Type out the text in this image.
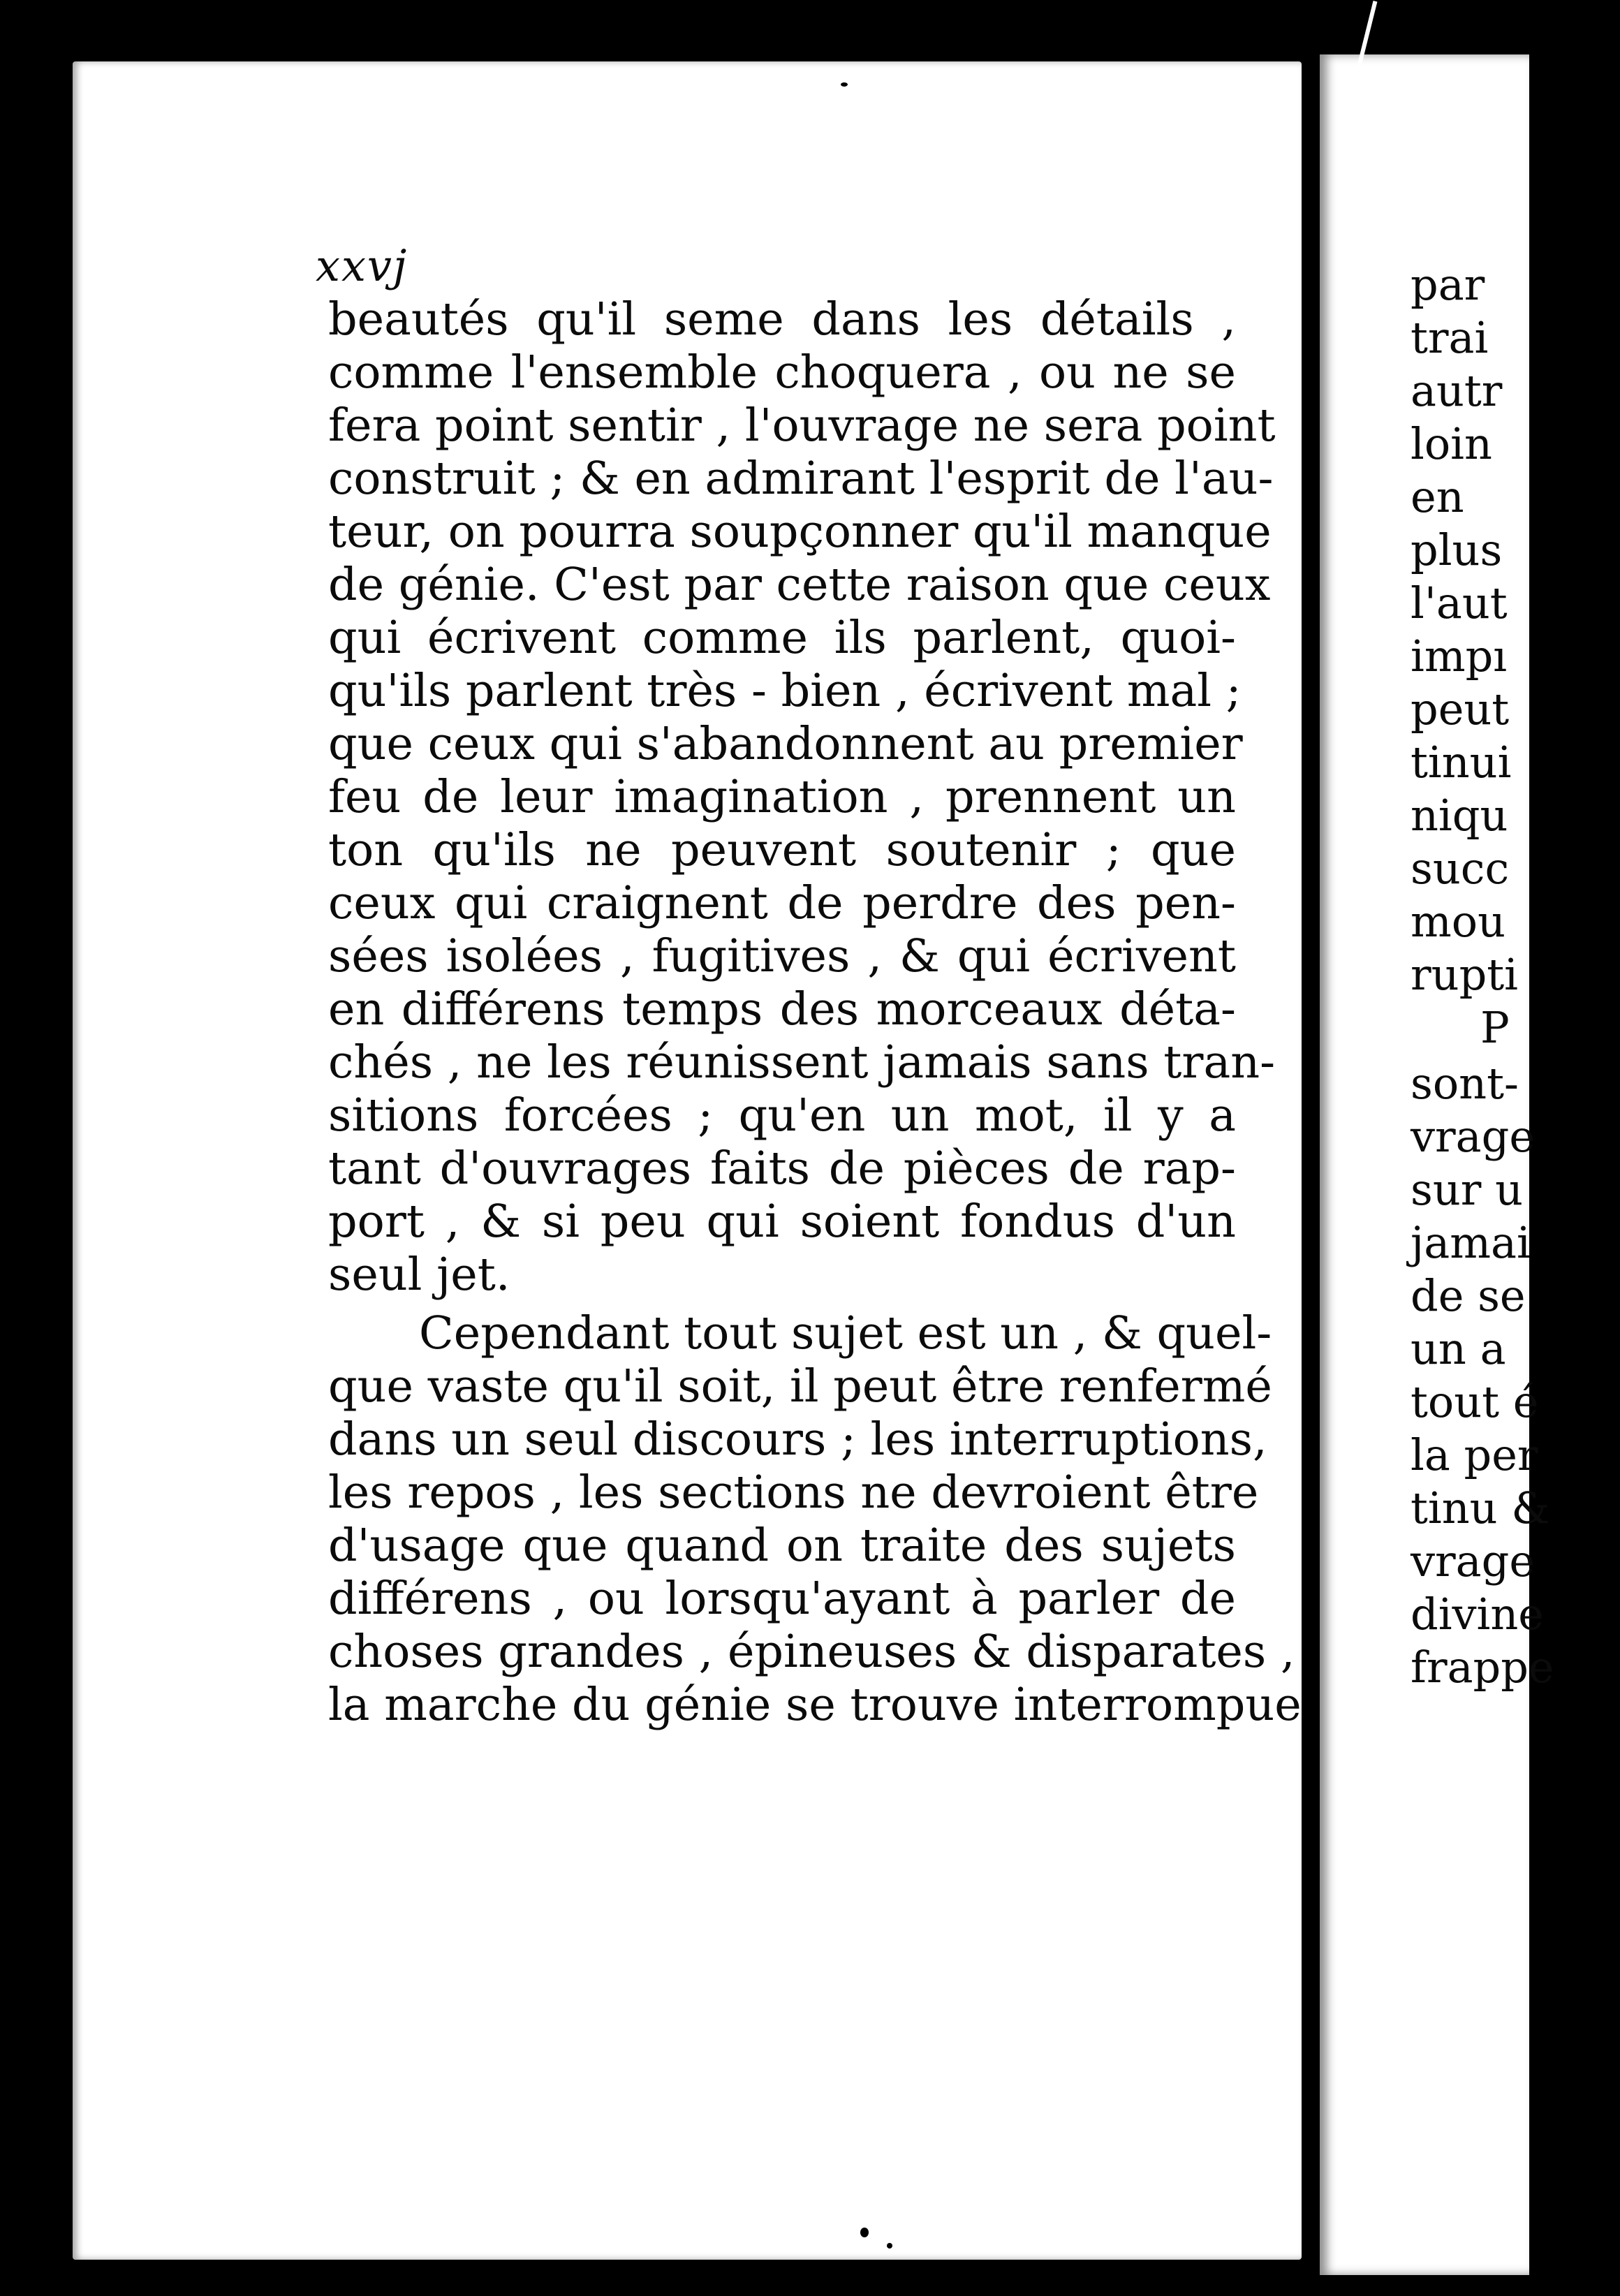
xxvj
beautés qu'il seme dans les détails ,
comme l'ensemble choquera , ou ne se
fera point sentir , l'ouvrage ne sera point
construit ; & en admirant l'esprit de l'au-
teur, on pourra soupçonner qu'il manque
de génie. C'est par cette raison que ceux
qui écrivent comme ils parlent, quoi-
qu'ils parlent très - bien , écrivent mal ;
que ceux qui s'abandonnent au premier
feu de leur imagination , prennent un
ton qu'ils ne peuvent soutenir ; que
ceux qui craignent de perdre des pen-
sées isolées , fugitives , & qui écrivent
en différens temps des morceaux déta-
chés , ne les réunissent jamais sans tran-
sitions forcées ; qu'en un mot, il y a
tant d'ouvrages faits de pièces de rap-
port , & si peu qui soient fondus d'un
seul jet.
Cependant tout sujet est un , & quel-
que vaste qu'il soit, il peut être renfermé
dans un seul discours ; les interruptions,
les repos , les sections ne devroient être
d'usage que quand on traite des sujets
différens , ou lorsqu'ayant à parler de
choses grandes , épineuses & disparates ,
la marche du génie se trouve interrompue
par
trai
autr
loin
en
plus
l'aut
impı
peut
tinui
niqu
succ
mou
rupti
P
sont-
vrage
sur u
jamai
de se
un a
tout é
la per
tinu &
vrage
divine
frappe
